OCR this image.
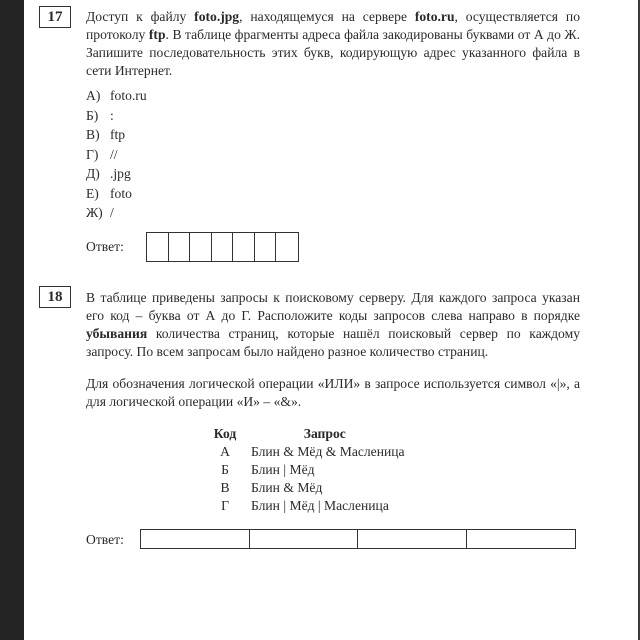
17	Доступ к файлу foto.jpg, находящемуся на сервере foto.ru, осуществляется по протоколу ftp. В таблице фрагменты адреса файла закодированы буквами от А до Ж. Запишите последовательность этих букв, кодирующую адрес указанного файла в сети Интернет.
А) foto.ru
Б) :
В) ftp
Г) //
Д) .jpg
Е) foto
Ж) /
Ответ:
18	В таблице приведены запросы к поисковому серверу. Для каждого запроса указан его код – буква от А до Г. Расположите коды запросов слева направо в порядке убывания количества страниц, которые нашёл поисковый сервер по каждому запросу. По всем запросам было найдено разное количество страниц.
Для обозначения логической операции «ИЛИ» в запросе используется символ «|», а для логической операции «И» – «&».
Код	Запрос
А	Блин & Мёд & Масленица
Б	Блин | Мёд
В	Блин & Мёд
Г	Блин | Мёд | Масленица
Ответ:
